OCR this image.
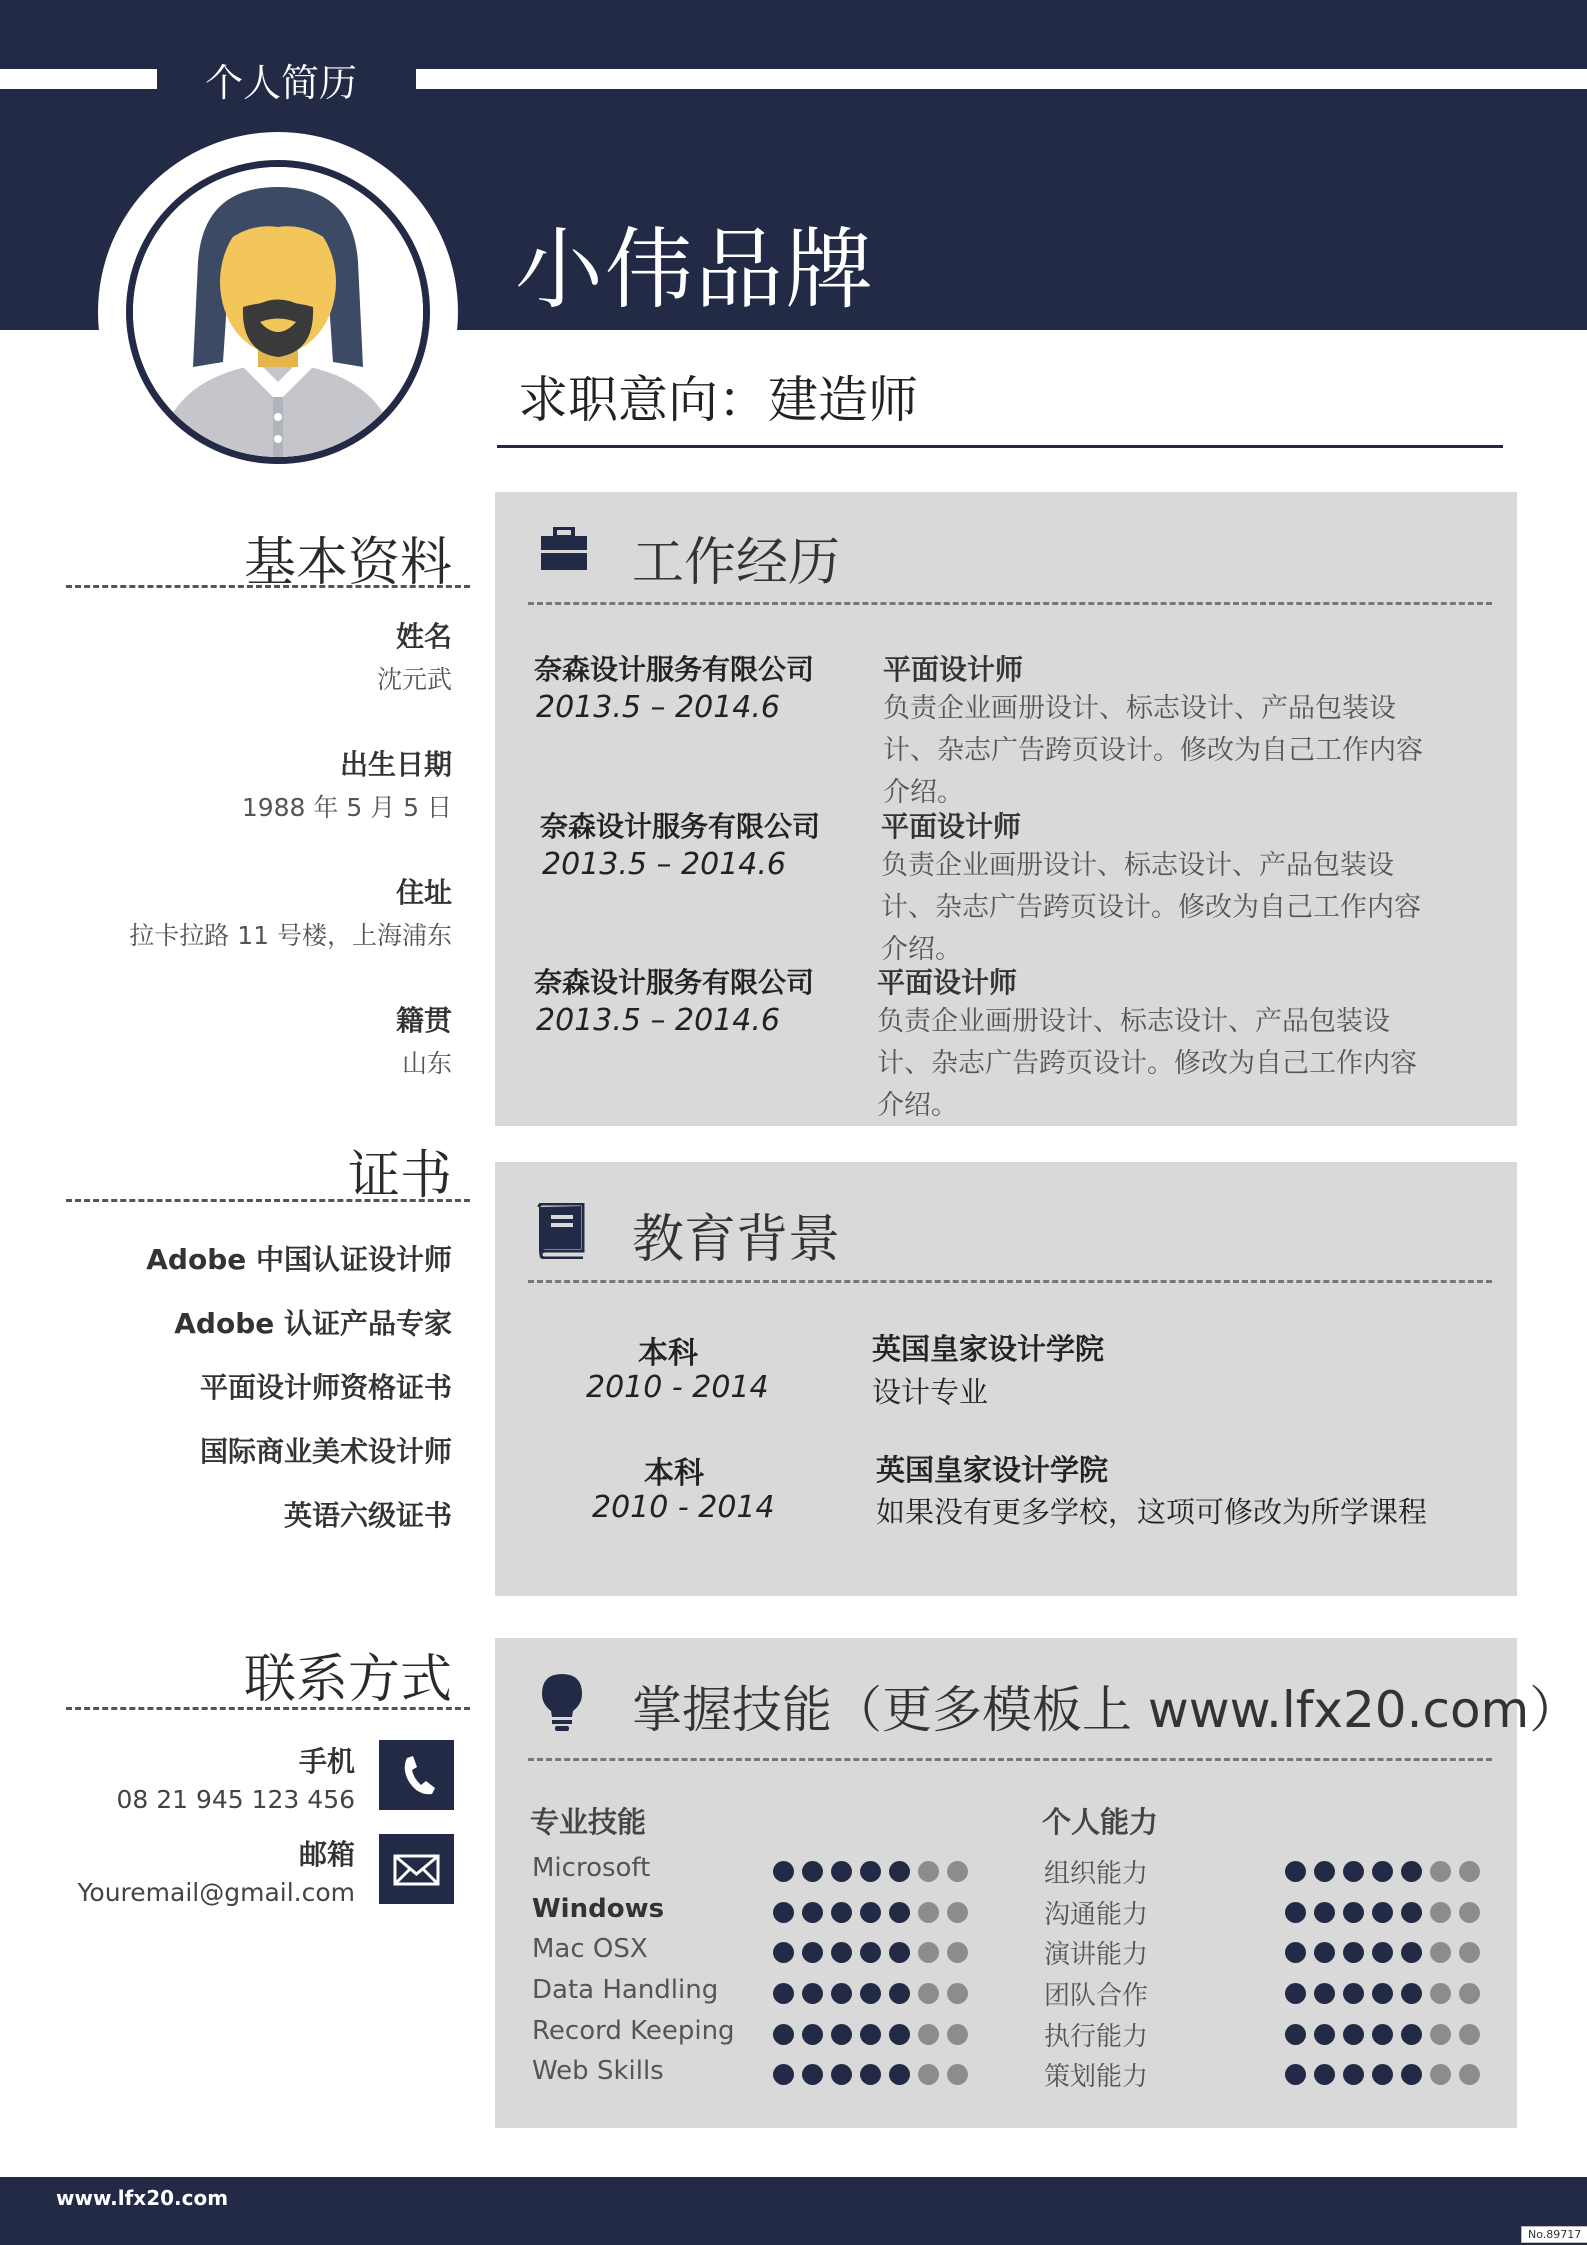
个人简历
小伟品牌
求职意向：建造师
基本资料
姓名
沈元武
出生日期
1988 年 5 月 5 日
住址
拉卡拉路 11 号楼，上海浦东
籍贯
山东
证书
Adobe 中国认证设计师
Adobe 认证产品专家
平面设计师资格证书
国际商业美术设计师
英语六级证书
联系方式
手机
08 21 945 123 456
邮箱
Youremail@gmail.com
工作经历
奈森设计服务有限公司
2013.5 – 2014.6
平面设计师
负责企业画册设计、标志设计、产品包装设计、杂志广告跨页设计。修改为自己工作内容介绍。
奈森设计服务有限公司
2013.5 – 2014.6
平面设计师
负责企业画册设计、标志设计、产品包装设计、杂志广告跨页设计。修改为自己工作内容介绍。
奈森设计服务有限公司
2013.5 – 2014.6
平面设计师
负责企业画册设计、标志设计、产品包装设计、杂志广告跨页设计。修改为自己工作内容介绍。
教育背景
本科
2010 - 2014
英国皇家设计学院
设计专业
本科
2010 - 2014
英国皇家设计学院
如果没有更多学校，这项可修改为所学课程
掌握技能（更多模板上 www.lfx20.com）
专业技能	个人能力
Microsoft
Windows
Mac OSX
Data Handling
Record Keeping
Web Skills
组织能力
沟通能力
演讲能力
团队合作
执行能力
策划能力
www.lfx20.com
No.89717
